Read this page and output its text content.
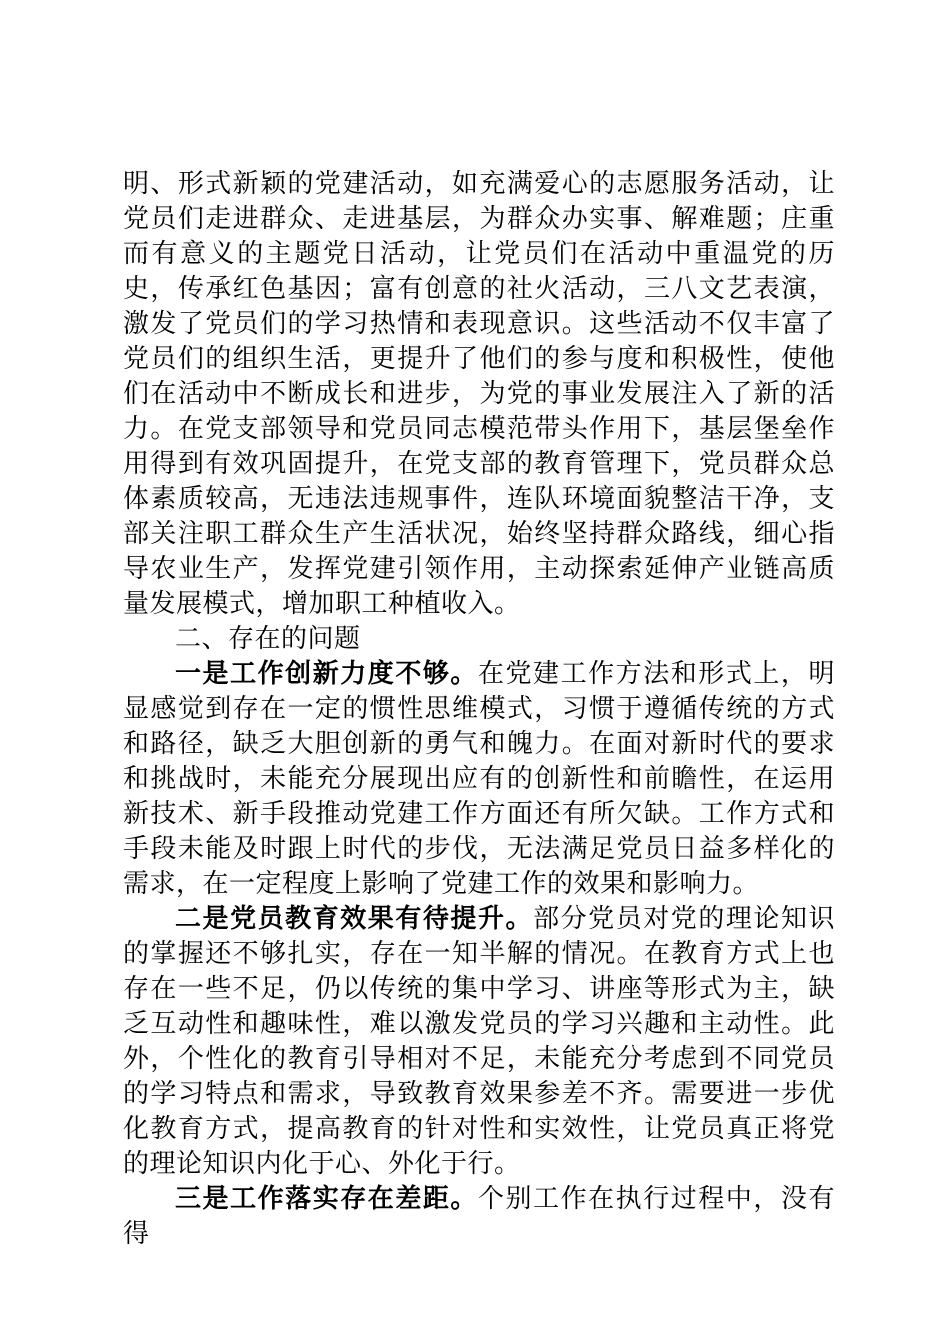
明、形式新颖的党建活动，如充满爱心的志愿服务活动，让党员们走进群众、走进基层，为群众办实事、解难题；庄重而有意义的主题党日活动，让党员们在活动中重温党的历史，传承红色基因；富有创意的社火活动，三八文艺表演，激发了党员们的学习热情和表现意识。这些活动不仅丰富了党员们的组织生活，更提升了他们的参与度和积极性，使他们在活动中不断成长和进步，为党的事业发展注入了新的活力。在党支部领导和党员同志模范带头作用下，基层堡垒作用得到有效巩固提升，在党支部的教育管理下，党员群众总体素质较高，无违法违规事件，连队环境面貌整洁干净，支部关注职工群众生产生活状况，始终坚持群众路线，细心指导农业生产，发挥党建引领作用，主动探索延伸产业链高质量发展模式，增加职工种植收入。

二、存在的问题

一是工作创新力度不够。在党建工作方法和形式上，明显感觉到存在一定的惯性思维模式，习惯于遵循传统的方式和路径，缺乏大胆创新的勇气和魄力。在面对新时代的要求和挑战时，未能充分展现出应有的创新性和前瞻性，在运用新技术、新手段推动党建工作方面还有所欠缺。工作方式和手段未能及时跟上时代的步伐，无法满足党员日益多样化的需求，在一定程度上影响了党建工作的效果和影响力。

二是党员教育效果有待提升。部分党员对党的理论知识的掌握还不够扎实，存在一知半解的情况。在教育方式上也存在一些不足，仍以传统的集中学习、讲座等形式为主，缺乏互动性和趣味性，难以激发党员的学习兴趣和主动性。此外，个性化的教育引导相对不足，未能充分考虑到不同党员的学习特点和需求，导致教育效果参差不齐。需要进一步优化教育方式，提高教育的针对性和实效性，让党员真正将党的理论知识内化于心、外化于行。

三是工作落实存在差距。个别工作在执行过程中，没有得
